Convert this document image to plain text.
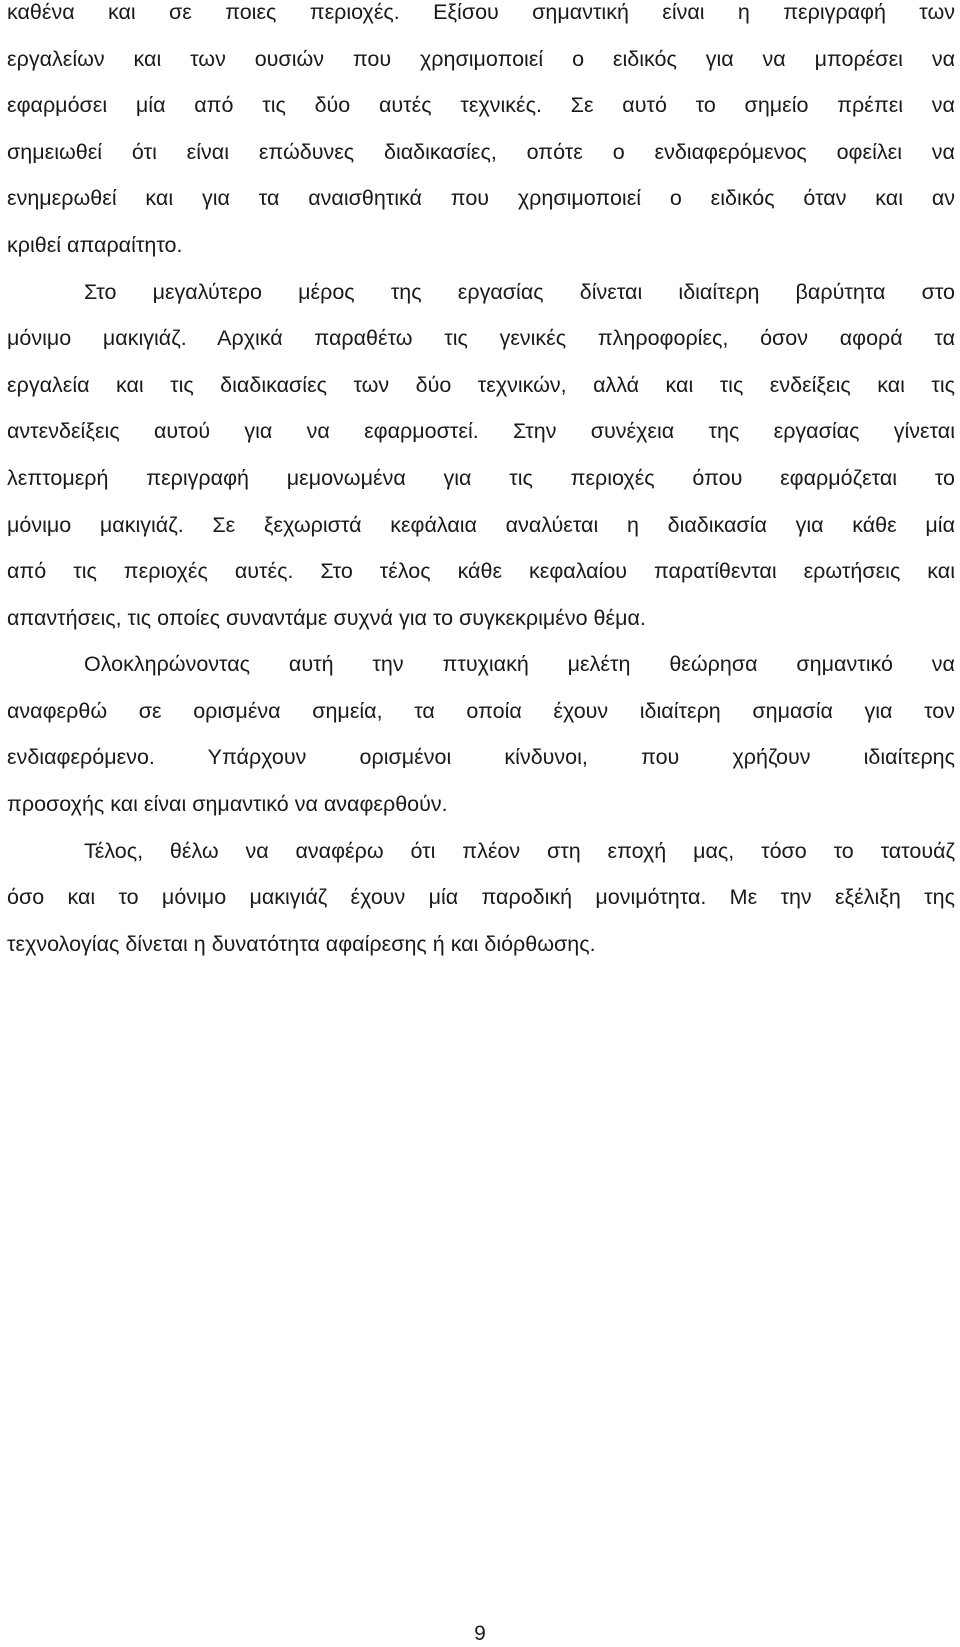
καθένα και σε ποιες περιοχές. Εξίσου σημαντική είναι η περιγραφή των
εργαλείων και των ουσιών που χρησιμοποιεί ο ειδικός για να μπορέσει να
εφαρμόσει μία από τις δύο αυτές τεχνικές. Σε αυτό το σημείο πρέπει να
σημειωθεί ότι είναι επώδυνες διαδικασίες, οπότε ο ενδιαφερόμενος οφείλει να
ενημερωθεί και για τα αναισθητικά που χρησιμοποιεί ο ειδικός όταν και αν
κριθεί απαραίτητο.
Στο μεγαλύτερο μέρος της εργασίας δίνεται ιδιαίτερη βαρύτητα στο
μόνιμο μακιγιάζ. Αρχικά παραθέτω τις γενικές πληροφορίες, όσον αφορά τα
εργαλεία και τις διαδικασίες των δύο τεχνικών, αλλά και τις ενδείξεις και τις
αντενδείξεις αυτού για να εφαρμοστεί. Στην συνέχεια της εργασίας γίνεται
λεπτομερή περιγραφή μεμονωμένα για τις περιοχές όπου εφαρμόζεται το
μόνιμο μακιγιάζ. Σε ξεχωριστά κεφάλαια αναλύεται η διαδικασία για κάθε μία
από τις περιοχές αυτές. Στο τέλος κάθε κεφαλαίου παρατίθενται ερωτήσεις και
απαντήσεις, τις οποίες συναντάμε συχνά για το συγκεκριμένο θέμα.
Ολοκληρώνοντας αυτή την πτυχιακή μελέτη θεώρησα σημαντικό να
αναφερθώ σε ορισμένα σημεία, τα οποία έχουν ιδιαίτερη σημασία για τον
ενδιαφερόμενο. Υπάρχουν ορισμένοι κίνδυνοι, που χρήζουν ιδιαίτερης
προσοχής και είναι σημαντικό να αναφερθούν.
Τέλος, θέλω να αναφέρω ότι πλέον στη εποχή μας, τόσο το τατουάζ
όσο και το μόνιμο μακιγιάζ έχουν μία παροδική μονιμότητα. Με την εξέλιξη της
τεχνολογίας δίνεται η δυνατότητα αφαίρεσης ή και διόρθωσης.
9
